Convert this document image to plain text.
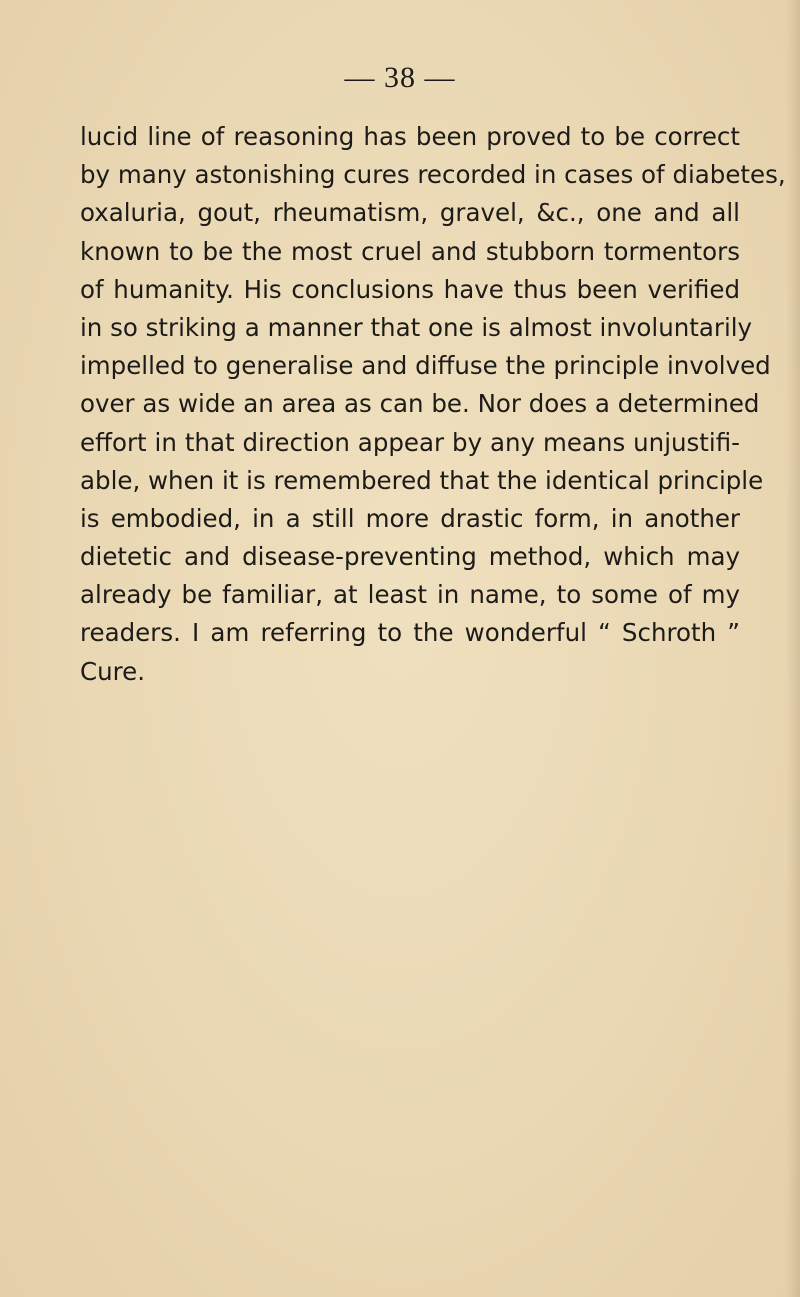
— 38 —
lucid line of reasoning has been proved to be correct
by many astonishing cures recorded in cases of diabetes,
oxaluria, gout, rheumatism, gravel, &c., one and all
known to be the most cruel and stubborn tormentors
of humanity. His conclusions have thus been verified
in so striking a manner that one is almost involuntarily
impelled to generalise and diffuse the principle involved
over as wide an area as can be. Nor does a determined
effort in that direction appear by any means unjustifi-
able, when it is remembered that the identical principle
is embodied, in a still more drastic form, in another
dietetic and disease-preventing method, which may
already be familiar, at least in name, to some of my
readers. I am referring to the wonderful “ Schroth ”
Cure.
